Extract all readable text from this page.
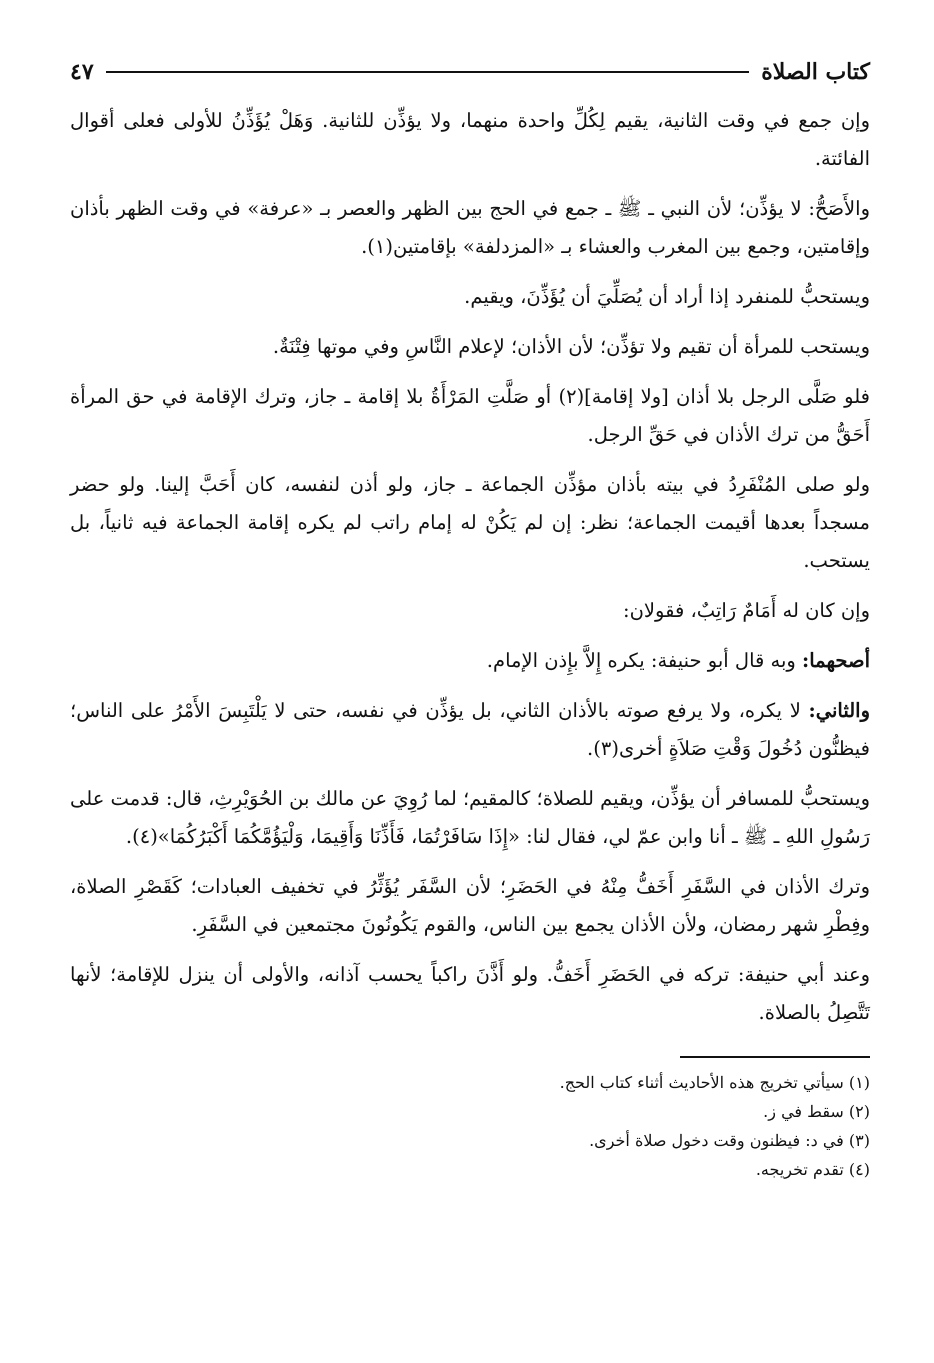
كتاب الصلاة
٤٧

وإن جمع في وقت الثانية، يقيم لِكُلِّ واحدة منهما، ولا يؤذِّن للثانية. وَهَلْ يُؤَذِّنُ للأولى فعلى أقوال الفائتة.

والأَصَحُّ: لا يؤذِّن؛ لأن النبي ـ ﷺ ـ جمع في الحج بين الظهر والعصر بـ «عرفة» في وقت الظهر بأذان وإقامتين، وجمع بين المغرب والعشاء بـ «المزدلفة» بإقامتين(١).

ويستحبُّ للمنفرد إذا أراد أن يُصَلِّيَ أن يُؤَذِّنَ، ويقيم.

ويستحب للمرأة أن تقيم ولا تؤذِّن؛ لأن الأذان؛ لإعلام النَّاسِ وفي موتها فِتْنَةٌ.

فلو صَلَّى الرجل بلا أذان [ولا إقامة](٢) أو صَلَّتِ المَرْأَةُ بلا إقامة ـ جاز، وترك الإقامة في حق المرأة أَحَقُّ من ترك الأذان في حَقِّ الرجل.

ولو صلى المُنْفَرِدُ في بيته بأذان مؤذِّن الجماعة ـ جاز، ولو أذن لنفسه، كان أَحَبَّ إلينا. ولو حضر مسجداً بعدها أقيمت الجماعة؛ نظر: إن لم يَكُنْ له إمام راتب لم يكره إقامة الجماعة فيه ثانياً، بل يستحب.

وإن كان له أَمَامٌ رَاتِبٌ، فقولان:

أصحهما: وبه قال أبو حنيفة: يكره إِلاَّ بإِذن الإمام.

والثاني: لا يكره، ولا يرفع صوته بالأذان الثاني، بل يؤذِّن في نفسه، حتى لا يَلْتَبِسَ الأَمْرُ على الناس؛ فيظنُّون دُخُولَ وَقْتِ صَلاَةٍ أخرى(٣).

ويستحبُّ للمسافر أن يؤذِّن، ويقيم للصلاة؛ كالمقيم؛ لما رُوِيَ عن مالك بن الحُوَيْرِثِ، قال: قدمت على رَسُولِ اللهِ ـ ﷺ ـ أنا وابن عمّ لي، فقال لنا: «إِذَا سَافَرْتُمَا، فَأَذِّنَا وَأَقِيمَا، وَلْيَؤُمَّكُمَا أَكْبَرُكُمَا»(٤).

وترك الأذان في السَّفَرِ أَخَفُّ مِنْهُ في الحَضَرِ؛ لأن السَّفَر يُؤَثِّرُ في تخفيف العبادات؛ كَقَصْرِ الصلاة، وفِطْرِ شهر رمضان، ولأن الأذان يجمع بين الناس، والقوم يَكُونُونَ مجتمعين في السَّفَرِ.

وعند أبي حنيفة: تركه في الحَضَرِ أَخَفُّ. ولو أَذَّنَ راكباً يحسب آذانه، والأولى أن ينزل للإقامة؛ لأنها تَتَّصِلُ بالصلاة.

(١) سيأتي تخريج هذه الأحاديث أثناء كتاب الحج.
(٢) سقط في ز.
(٣) في د: فيظنون وقت دخول صلاة أخرى.
(٤) تقدم تخريجه.
